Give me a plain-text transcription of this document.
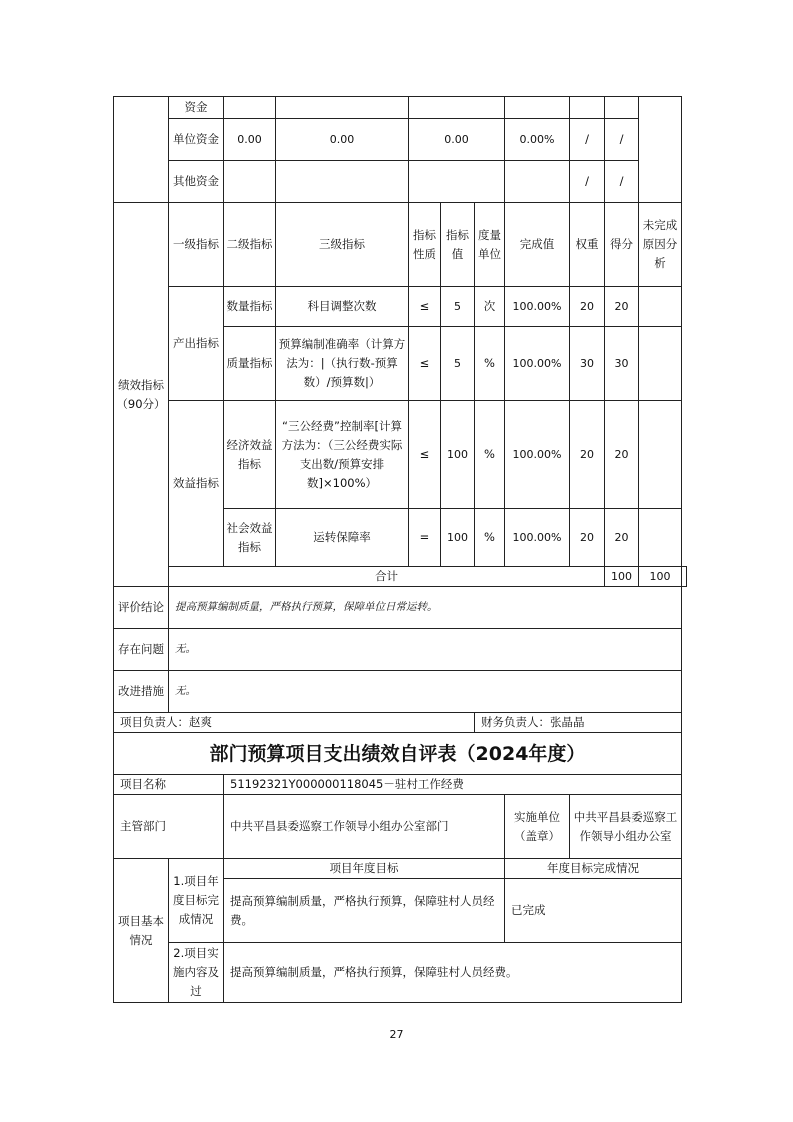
	资金										
	单位资金	0.00	0.00	0.00			0.00%	/	/		
	其他资金							/	/		
绩效指标（90分）	一级指标	二级指标	三级指标	指标性质	指标值	度量单位	完成值	权重	得分	未完成原因分析	
	产出指标	数量指标	科目调整次数	≤	5	次	100.00%	20	20		
		质量指标	预算编制准确率（计算方法为：|（执行数-预算数）/预算数|）	≤	5	%	100.00%	30	30		
	效益指标	经济效益指标	“三公经费”控制率[计算方法为：（三公经费实际支出数/预算安排数]×100%）	≤	100	%	100.00%	20	20		
		社会效益指标	运转保障率	=	100	%	100.00%	20	20		
	合计								100	100	
评价结论	提高预算编制质量，严格执行预算，保障单位日常运转。										
存在问题	无。										
改进措施	无。										
项目负责人：赵爽						财务负责人：张晶晶					
部门预算项目支出绩效自评表（2024年度）											
项目名称		51192321Y000000118045－驻村工作经费									
主管部门		中共平昌县委巡察工作领导小组办公室部门					实施单位（盖章）	中共平昌县委巡察工作领导小组办公室			
项目基本情况	1.项目年度目标完成情况	项目年度目标					年度目标完成情况				
		提高预算编制质量，严格执行预算，保障驻村人员经费。					已完成				
	2.项目实施内容及过	提高预算编制质量，严格执行预算，保障驻村人员经费。									
27
